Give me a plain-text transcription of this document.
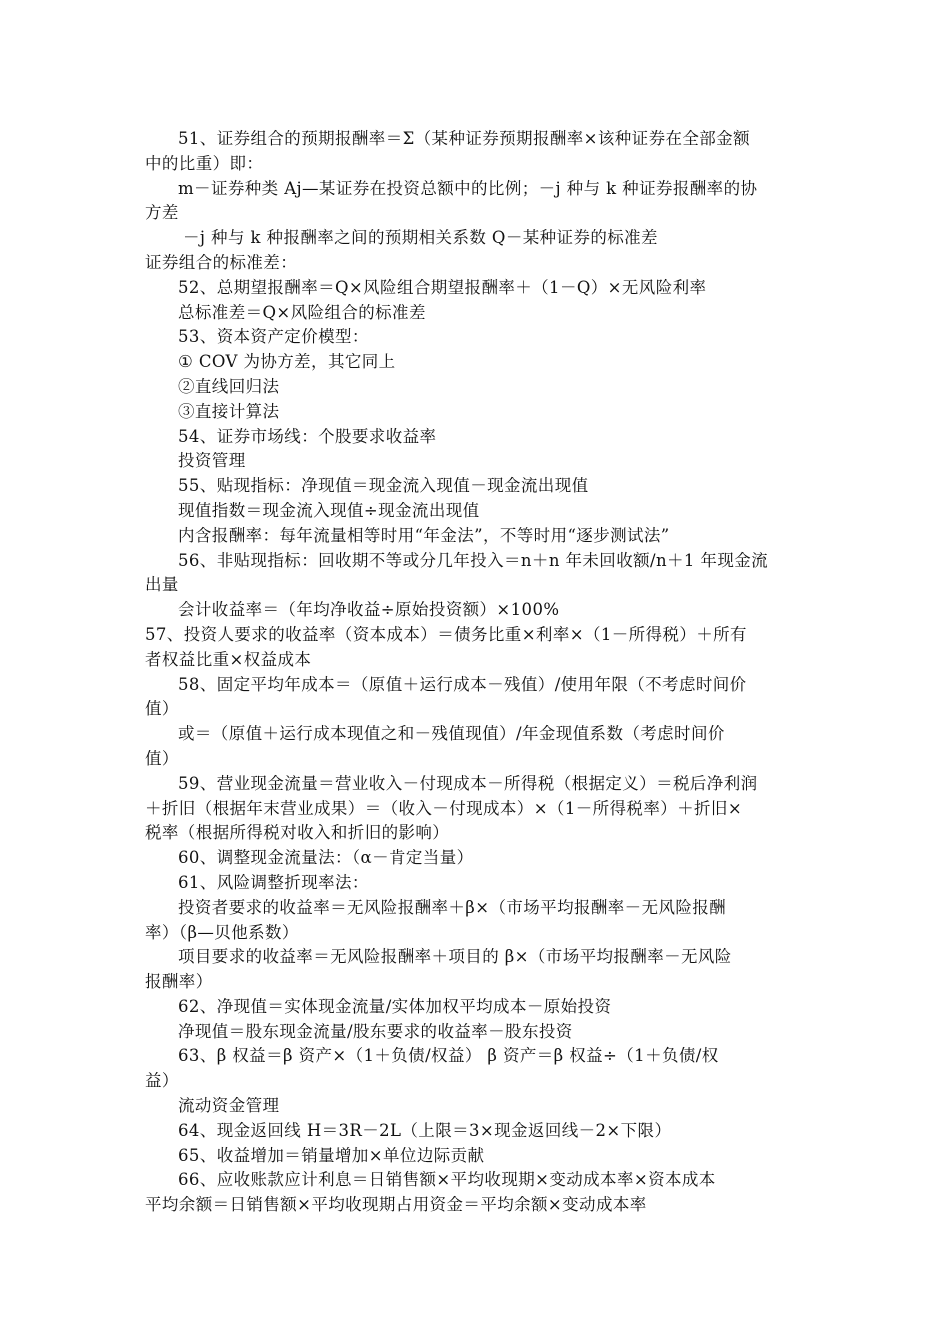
51、证券组合的预期报酬率＝Σ（某种证券预期报酬率×该种证券在全部金额
中的比重）即：
m－证券种类 Aj—某证券在投资总额中的比例；－j 种与 k 种证券报酬率的协
方差
－j 种与 k 种报酬率之间的预期相关系数 Q－某种证券的标准差
证券组合的标准差：
52、总期望报酬率＝Q×风险组合期望报酬率＋（1－Q）×无风险利率
总标准差＝Q×风险组合的标准差
53、资本资产定价模型：
① COV 为协方差，其它同上
②直线回归法
③直接计算法
54、证券市场线：个股要求收益率
投资管理
55、贴现指标：净现值＝现金流入现值－现金流出现值
现值指数＝现金流入现值÷现金流出现值
内含报酬率：每年流量相等时用“年金法”，不等时用“逐步测试法”
56、非贴现指标：回收期不等或分几年投入＝n＋n 年未回收额/n＋1 年现金流
出量
会计收益率＝（年均净收益÷原始投资额）×100%
57、投资人要求的收益率（资本成本）＝债务比重×利率×（1－所得税）＋所有
者权益比重×权益成本
58、固定平均年成本＝（原值＋运行成本－残值）/使用年限（不考虑时间价
值）
或＝（原值＋运行成本现值之和－残值现值）/年金现值系数（考虑时间价
值）
59、营业现金流量＝营业收入－付现成本－所得税（根据定义）＝税后净利润
＋折旧（根据年末营业成果）＝（收入－付现成本）×（1－所得税率）＋折旧×
税率（根据所得税对收入和折旧的影响）
60、调整现金流量法：（α－肯定当量）
61、风险调整折现率法：
投资者要求的收益率＝无风险报酬率＋β×（市场平均报酬率－无风险报酬
率）（β—贝他系数）
项目要求的收益率＝无风险报酬率＋项目的 β×（市场平均报酬率－无风险
报酬率）
62、净现值＝实体现金流量/实体加权平均成本－原始投资
净现值＝股东现金流量/股东要求的收益率－股东投资
63、β 权益＝β 资产×（1＋负债/权益） β 资产＝β 权益÷（1＋负债/权
益）
流动资金管理
64、现金返回线 H＝3R－2L（上限＝3×现金返回线－2×下限）
65、收益增加＝销量增加×单位边际贡献
66、应收账款应计利息＝日销售额×平均收现期×变动成本率×资本成本
平均余额＝日销售额×平均收现期占用资金＝平均余额×变动成本率
